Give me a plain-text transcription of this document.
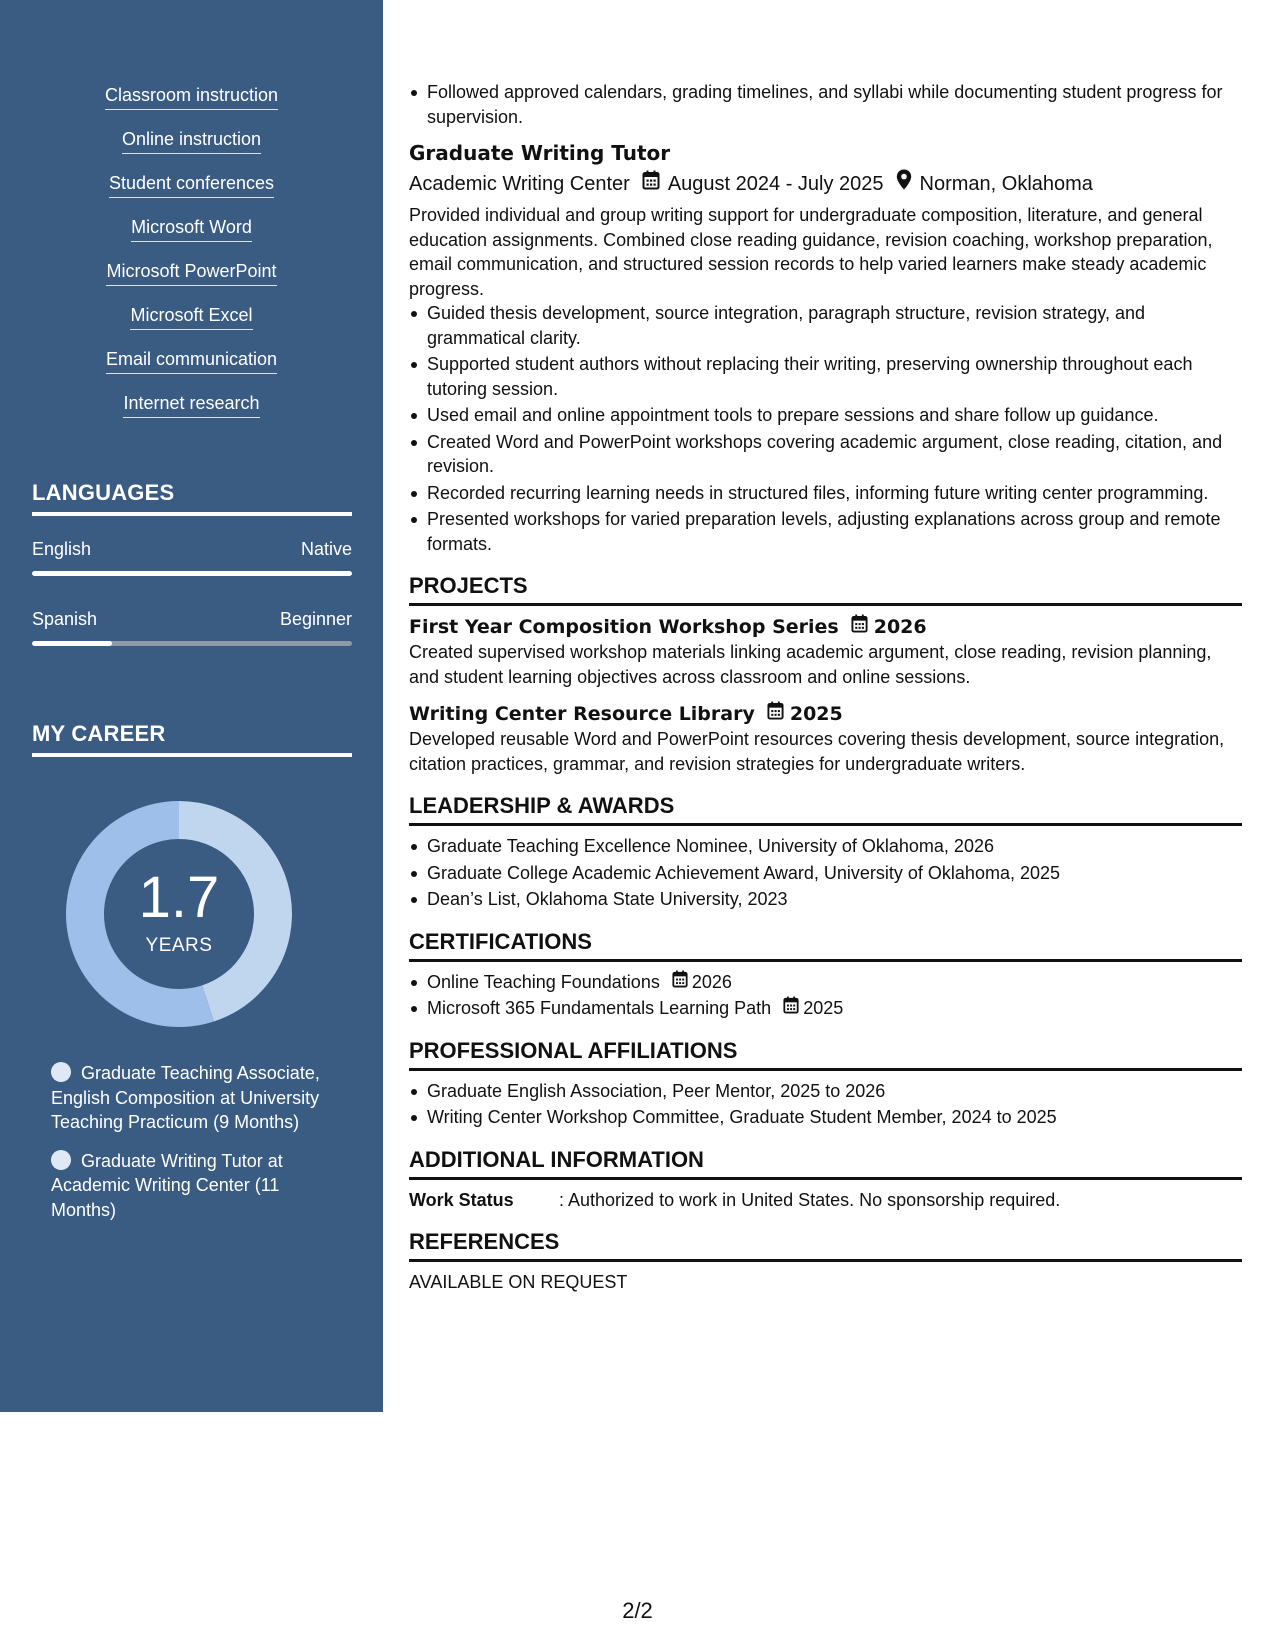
Classroom instruction
Online instruction
Student conferences
Microsoft Word
Microsoft PowerPoint
Microsoft Excel
Email communication
Internet research
LANGUAGES
English	Native
Spanish	Beginner
MY CAREER
1.7
YEARS
Graduate Teaching Associate, English Composition at University Teaching Practicum (9 Months)
Graduate Writing Tutor at Academic Writing Center (11 Months)
Followed approved calendars, grading timelines, and syllabi while documenting student progress for supervision.
Graduate Writing Tutor
Academic Writing Center August 2024 - July 2025 Norman, Oklahoma
Provided individual and group writing support for undergraduate composition, literature, and general education assignments. Combined close reading guidance, revision coaching, workshop preparation, email communication, and structured session records to help varied learners make steady academic progress.
Guided thesis development, source integration, paragraph structure, revision strategy, and grammatical clarity.
Supported student authors without replacing their writing, preserving ownership throughout each tutoring session.
Used email and online appointment tools to prepare sessions and share follow up guidance.
Created Word and PowerPoint workshops covering academic argument, close reading, citation, and revision.
Recorded recurring learning needs in structured files, informing future writing center programming.
Presented workshops for varied preparation levels, adjusting explanations across group and remote formats.
PROJECTS
First Year Composition Workshop Series 2026
Created supervised workshop materials linking academic argument, close reading, revision planning, and student learning objectives across classroom and online sessions.
Writing Center Resource Library 2025
Developed reusable Word and PowerPoint resources covering thesis development, source integration, citation practices, grammar, and revision strategies for undergraduate writers.
LEADERSHIP & AWARDS
Graduate Teaching Excellence Nominee, University of Oklahoma, 2026
Graduate College Academic Achievement Award, University of Oklahoma, 2025
Dean’s List, Oklahoma State University, 2023
CERTIFICATIONS
Online Teaching Foundations 2026
Microsoft 365 Fundamentals Learning Path 2025
PROFESSIONAL AFFILIATIONS
Graduate English Association, Peer Mentor, 2025 to 2026
Writing Center Workshop Committee, Graduate Student Member, 2024 to 2025
ADDITIONAL INFORMATION
Work Status	: Authorized to work in United States. No sponsorship required.
REFERENCES
AVAILABLE ON REQUEST
2/2
